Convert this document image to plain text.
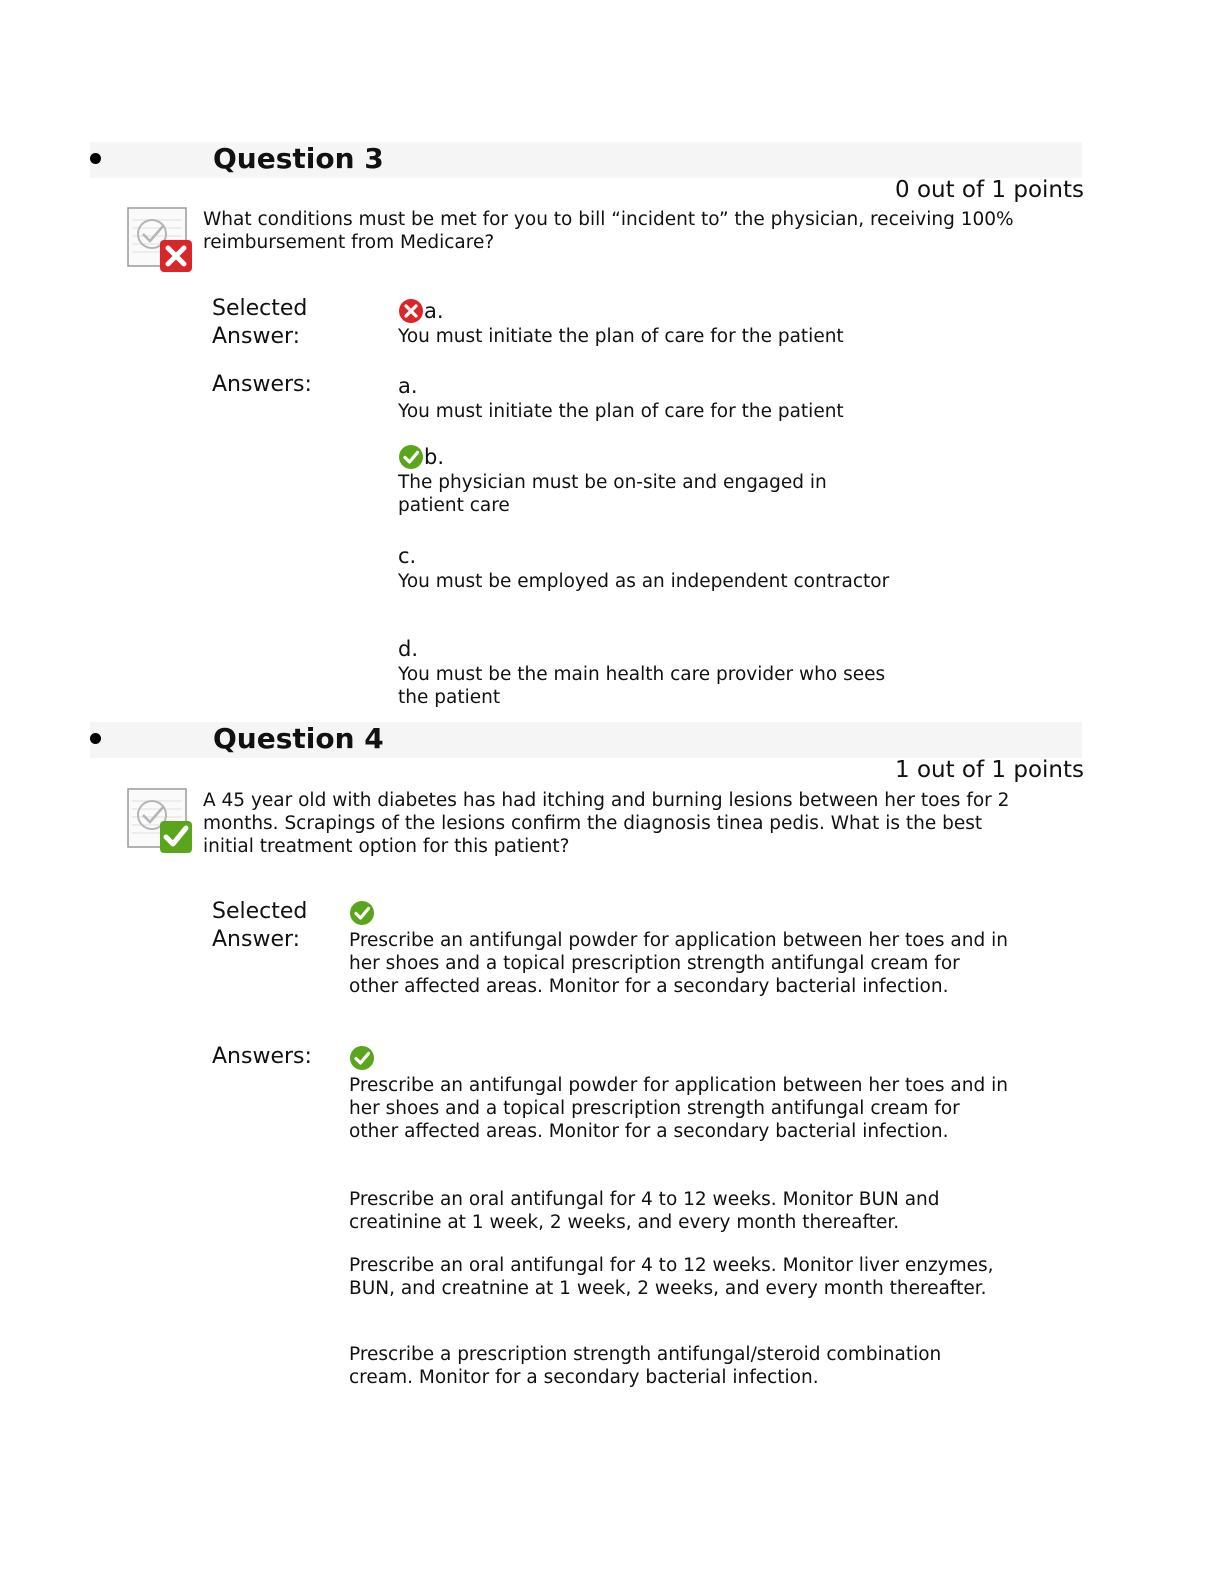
Question 3
0 out of 1 points
What conditions must be met for you to bill “incident to” the physician, receiving 100% reimbursement from Medicare?
Selected
Answer:
a.
You must initiate the plan of care for the patient
Answers:	a.
You must initiate the plan of care for the patient
b.
The physician must be on-site and engaged in patient care
c.
You must be employed as an independent contractor
d.
You must be the main health care provider who sees the patient
Question 4
1 out of 1 points
A 45 year old with diabetes has had itching and burning lesions between her toes for 2 months. Scrapings of the lesions confirm the diagnosis tinea pedis. What is the best initial treatment option for this patient?
Selected
Answer:	Prescribe an antifungal powder for application between her toes and in her shoes and a topical prescription strength antifungal cream for other affected areas. Monitor for a secondary bacterial infection.
Answers:
Prescribe an antifungal powder for application between her toes and in her shoes and a topical prescription strength antifungal cream for other affected areas. Monitor for a secondary bacterial infection.
Prescribe an oral antifungal for 4 to 12 weeks. Monitor BUN and creatinine at 1 week, 2 weeks, and every month thereafter.
Prescribe an oral antifungal for 4 to 12 weeks. Monitor liver enzymes, BUN, and creatnine at 1 week, 2 weeks, and every month thereafter.
Prescribe a prescription strength antifungal/steroid combination cream. Monitor for a secondary bacterial infection.
